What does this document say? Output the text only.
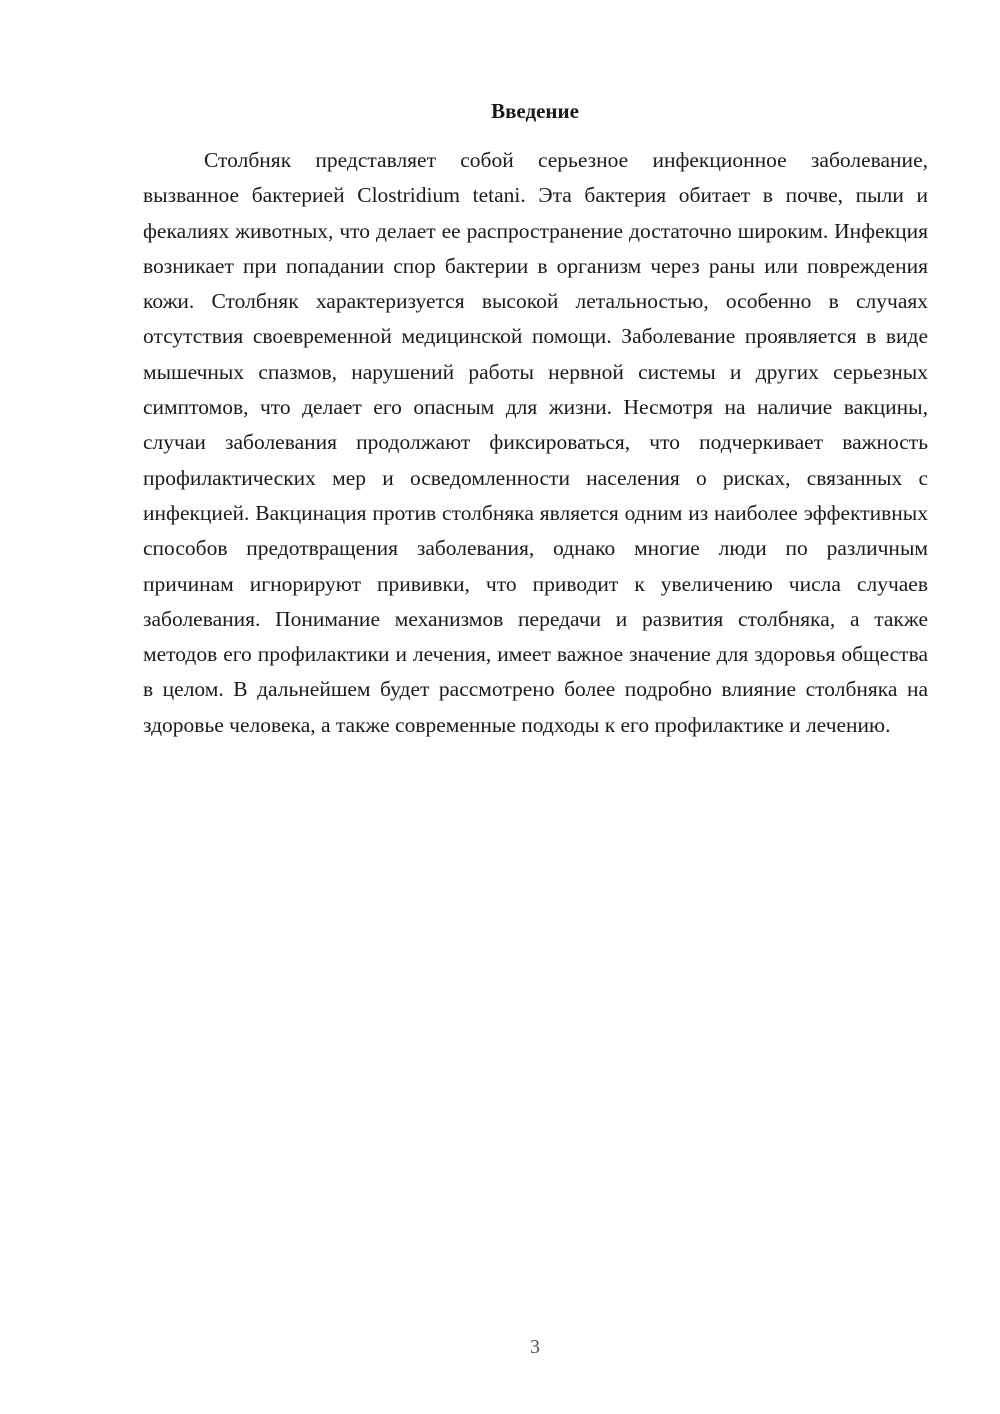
Введение

Столбняк представляет собой серьезное инфекционное заболевание, вызванное бактерией Clostridium tetani. Эта бактерия обитает в почве, пыли и фекалиях животных, что делает ее распространение достаточно широким. Инфекция возникает при попадании спор бактерии в организм через раны или повреждения кожи. Столбняк характеризуется высокой летальностью, особенно в случаях отсутствия своевременной медицинской помощи. Заболевание проявляется в виде мышечных спазмов, нарушений работы нервной системы и других серьезных симптомов, что делает его опасным для жизни. Несмотря на наличие вакцины, случаи заболевания продолжают фиксироваться, что подчеркивает важность профилактических мер и осведомленности населения о рисках, связанных с инфекцией. Вакцинация против столбняка является одним из наиболее эффективных способов предотвращения заболевания, однако многие люди по различным причинам игнорируют прививки, что приводит к увеличению числа случаев заболевания. Понимание механизмов передачи и развития столбняка, а также методов его профилактики и лечения, имеет важное значение для здоровья общества в целом. В дальнейшем будет рассмотрено более подробно влияние столбняка на здоровье человека, а также современные подходы к его профилактике и лечению.

3
